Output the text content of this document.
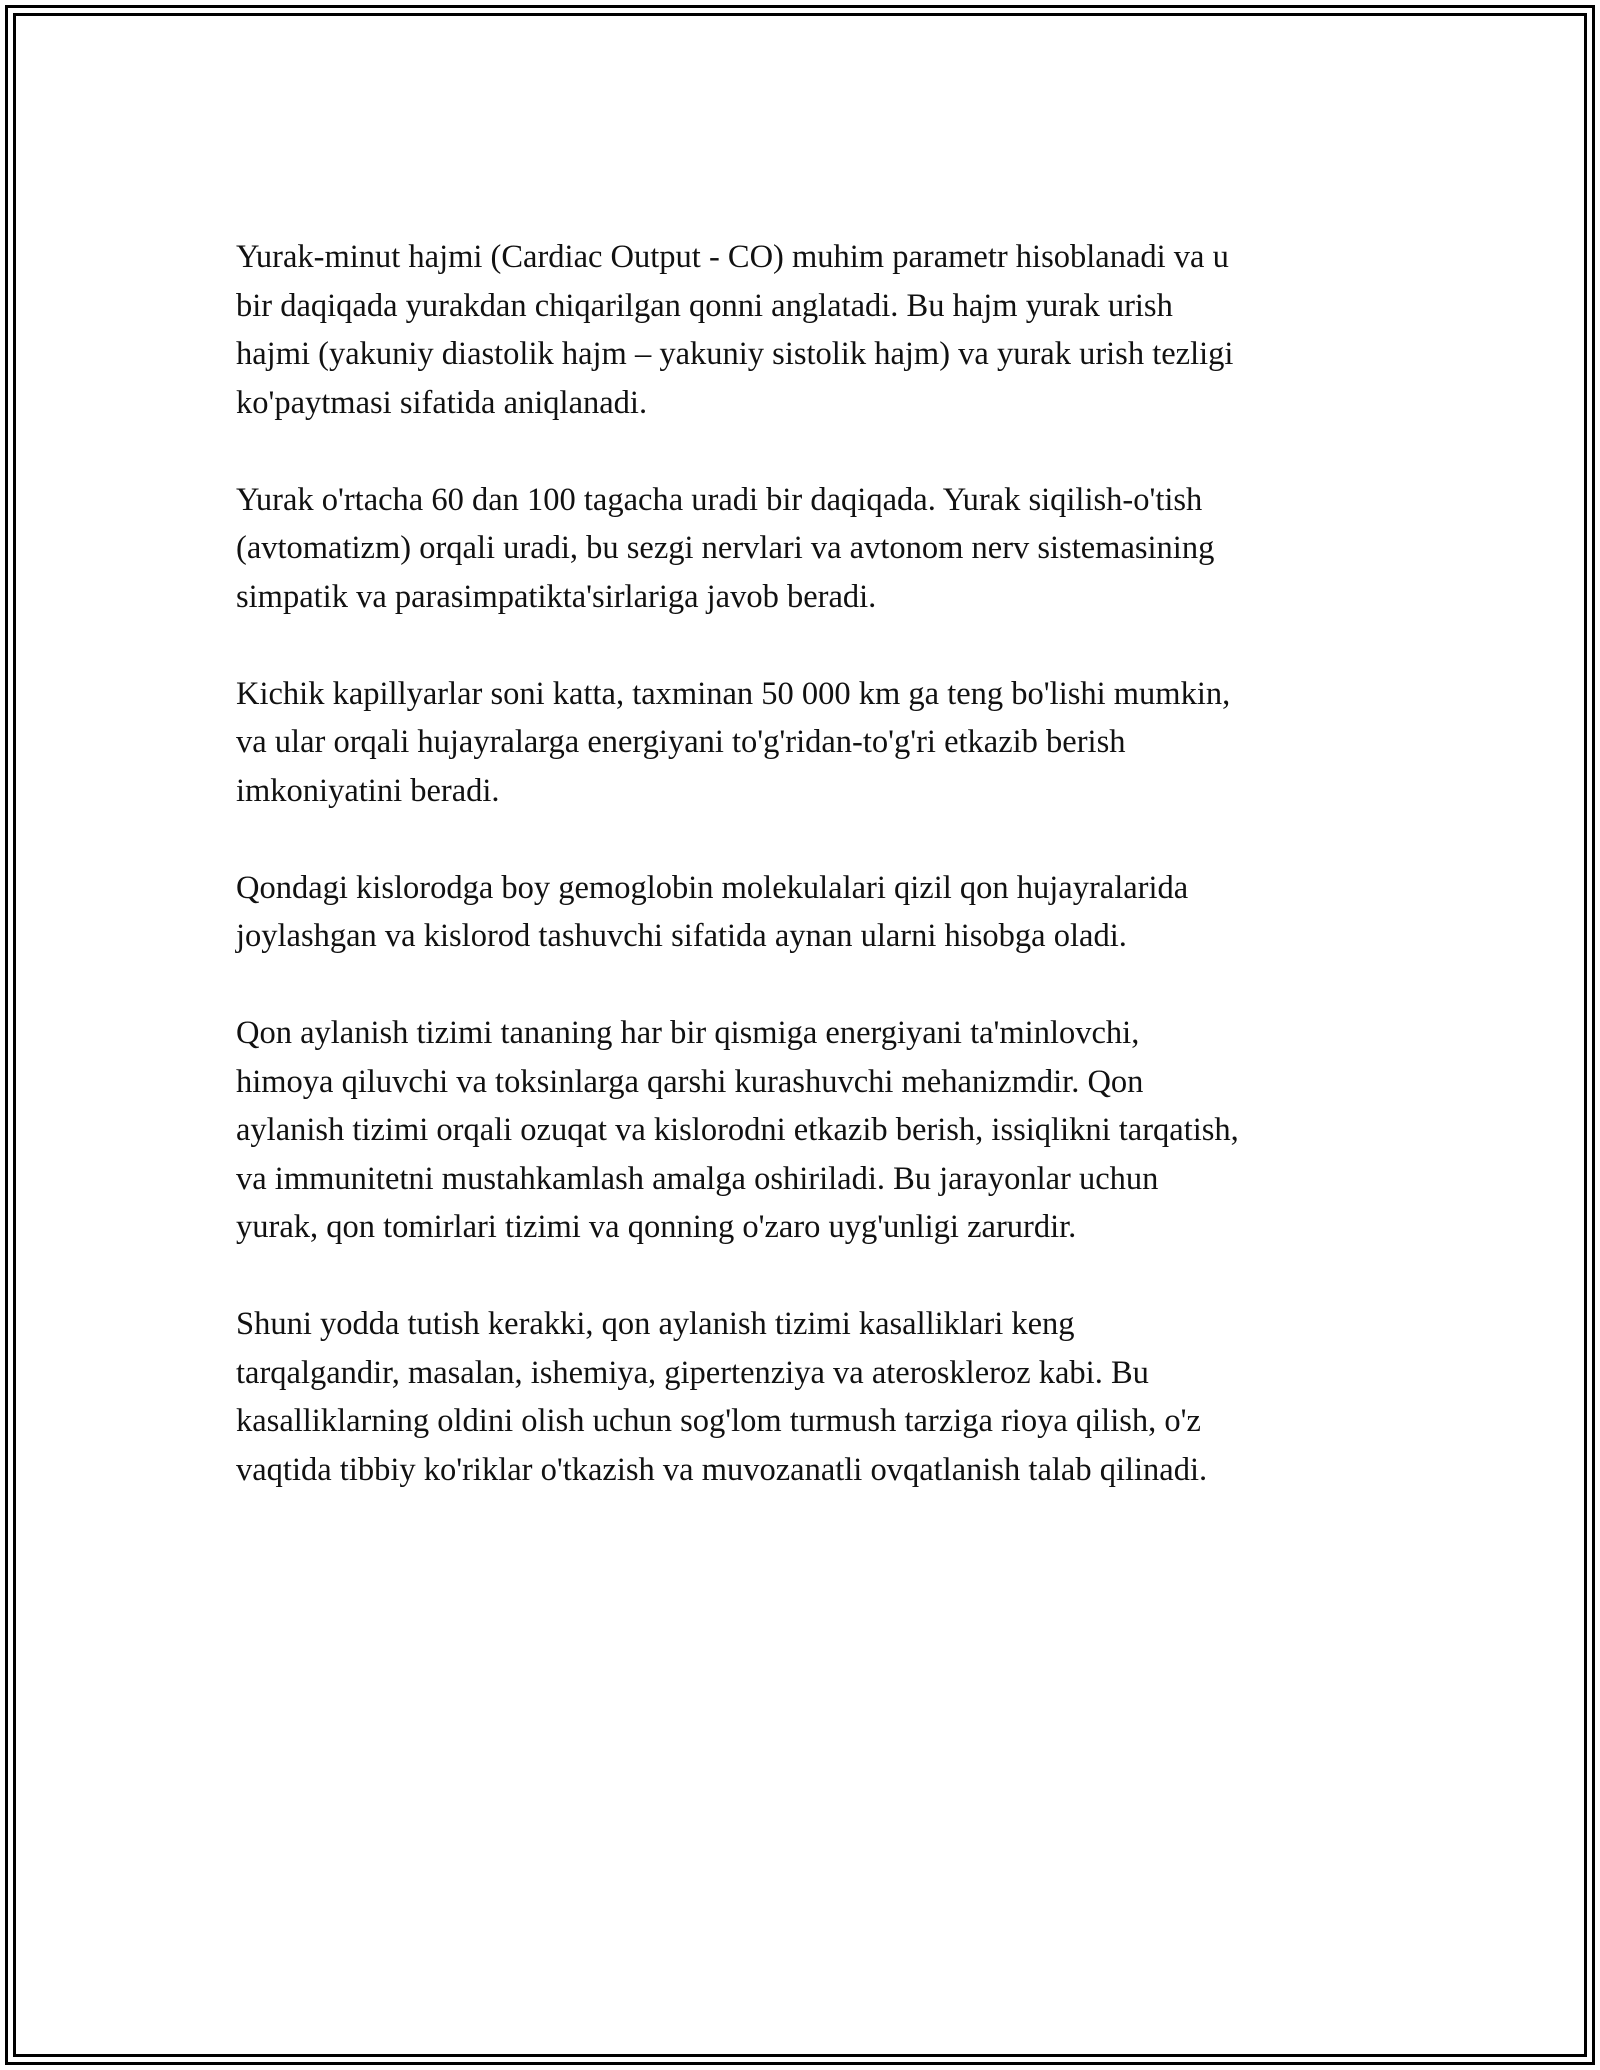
Yurak-minut hajmi (Cardiac Output - CO) muhim parametr hisoblanadi va u
bir daqiqada yurakdan chiqarilgan qonni anglatadi. Bu hajm yurak urish
hajmi (yakuniy diastolik hajm – yakuniy sistolik hajm) va yurak urish tezligi
ko'paytmasi sifatida aniqlanadi.

Yurak o'rtacha 60 dan 100 tagacha uradi bir daqiqada. Yurak siqilish-o'tish
(avtomatizm) orqali uradi, bu sezgi nervlari va avtonom nerv sistemasining
simpatik va parasimpatikta'sirlariga javob beradi.

Kichik kapillyarlar soni katta, taxminan 50 000 km ga teng bo'lishi mumkin,
va ular orqali hujayralarga energiyani to'g'ridan-to'g'ri etkazib berish
imkoniyatini beradi.

Qondagi kislorodga boy gemoglobin molekulalari qizil qon hujayralarida
joylashgan va kislorod tashuvchi sifatida aynan ularni hisobga oladi.

Qon aylanish tizimi tananing har bir qismiga energiyani ta'minlovchi,
himoya qiluvchi va toksinlarga qarshi kurashuvchi mehanizmdir. Qon
aylanish tizimi orqali ozuqat va kislorodni etkazib berish, issiqlikni tarqatish,
va immunitetni mustahkamlash amalga oshiriladi. Bu jarayonlar uchun
yurak, qon tomirlari tizimi va qonning o'zaro uyg'unligi zarurdir.

Shuni yodda tutish kerakki, qon aylanish tizimi kasalliklari keng
tarqalgandir, masalan, ishemiya, gipertenziya va ateroskleroz kabi. Bu
kasalliklarning oldini olish uchun sog'lom turmush tarziga rioya qilish, o'z
vaqtida tibbiy ko'riklar o'tkazish va muvozanatli ovqatlanish talab qilinadi.
